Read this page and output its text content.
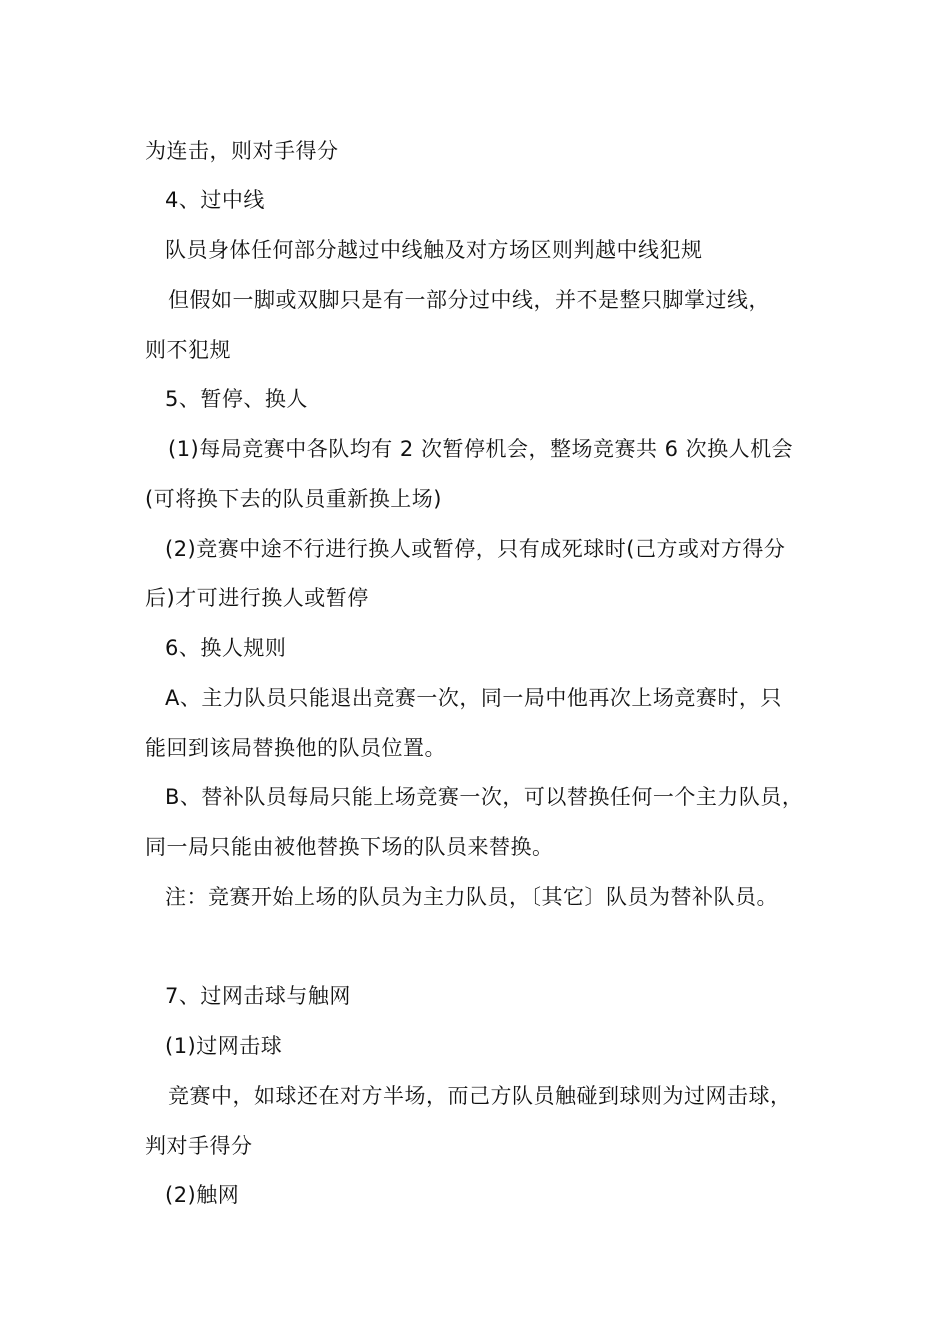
为连击，则对手得分
4、过中线
队员身体任何部分越过中线触及对方场区则判越中线犯规
但假如一脚或双脚只是有一部分过中线，并不是整只脚掌过线，
则不犯规
5、暂停、换人
(1)每局竞赛中各队均有 2 次暂停机会，整场竞赛共 6 次换人机会
(可将换下去的队员重新换上场)
(2)竞赛中途不行进行换人或暂停，只有成死球时(己方或对方得分
后)才可进行换人或暂停
6、换人规则
A、主力队员只能退出竞赛一次，同一局中他再次上场竞赛时，只
能回到该局替换他的队员位置。
B、替补队员每局只能上场竞赛一次，可以替换任何一个主力队员，
同一局只能由被他替换下场的队员来替换。
注：竞赛开始上场的队员为主力队员，〔其它〕队员为替补队员。
7、过网击球与触网
(1)过网击球
竞赛中，如球还在对方半场，而己方队员触碰到球则为过网击球，
判对手得分
(2)触网
